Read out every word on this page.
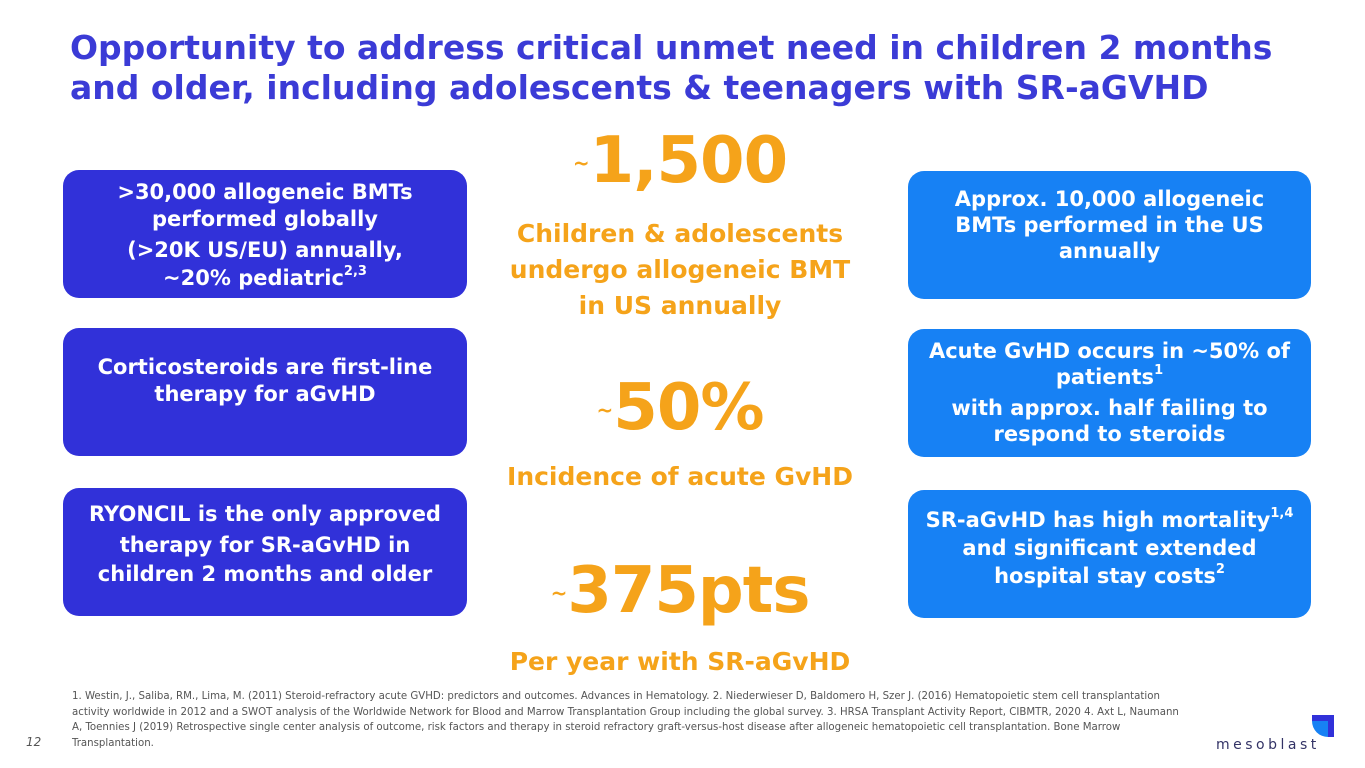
Opportunity to address critical unmet need in children 2 months and older, including adolescents & teenagers with SR-aGVHD
>30,000 allogeneic BMTs
performed globally
(>20K US/EU) annually,
~20% pediatric$^{2,3}$
Corticosteroids are first-line
therapy for aGvHD
RYONCIL is the only approved
therapy for SR-aGvHD in
children 2 months and older
~1,500
Children & adolescents
undergo allogeneic BMT
in US annually
~50%
Incidence of acute GvHD
~375pts
Per year with SR-aGvHD
Approx. 10,000 allogeneic
BMTs performed in the US
annually
Acute GvHD occurs in ~50% of
patients$^1$
with approx. half failing to
respond to steroids
SR-aGvHD has high mortality$^{1,4}$
and significant extended
hospital stay costs$^2$
1. Westin, J., Saliba, RM., Lima, M. (2011) Steroid-refractory acute GVHD: predictors and outcomes. Advances in Hematology. 2. Niederwieser D, Baldomero H, Szer J. (2016) Hematopoietic stem cell transplantation activity worldwide in 2012 and a SWOT analysis of the Worldwide Network for Blood and Marrow Transplantation Group including the global survey. 3. HRSA Transplant Activity Report, CIBMTR, 2020 4. Axt L, Naumann A, Toennies J (2019) Retrospective single center analysis of outcome, risk factors and therapy in steroid refractory graft-versus-host disease after allogeneic hematopoietic cell transplantation. Bone Marrow Transplantation.
12	mesoblast
